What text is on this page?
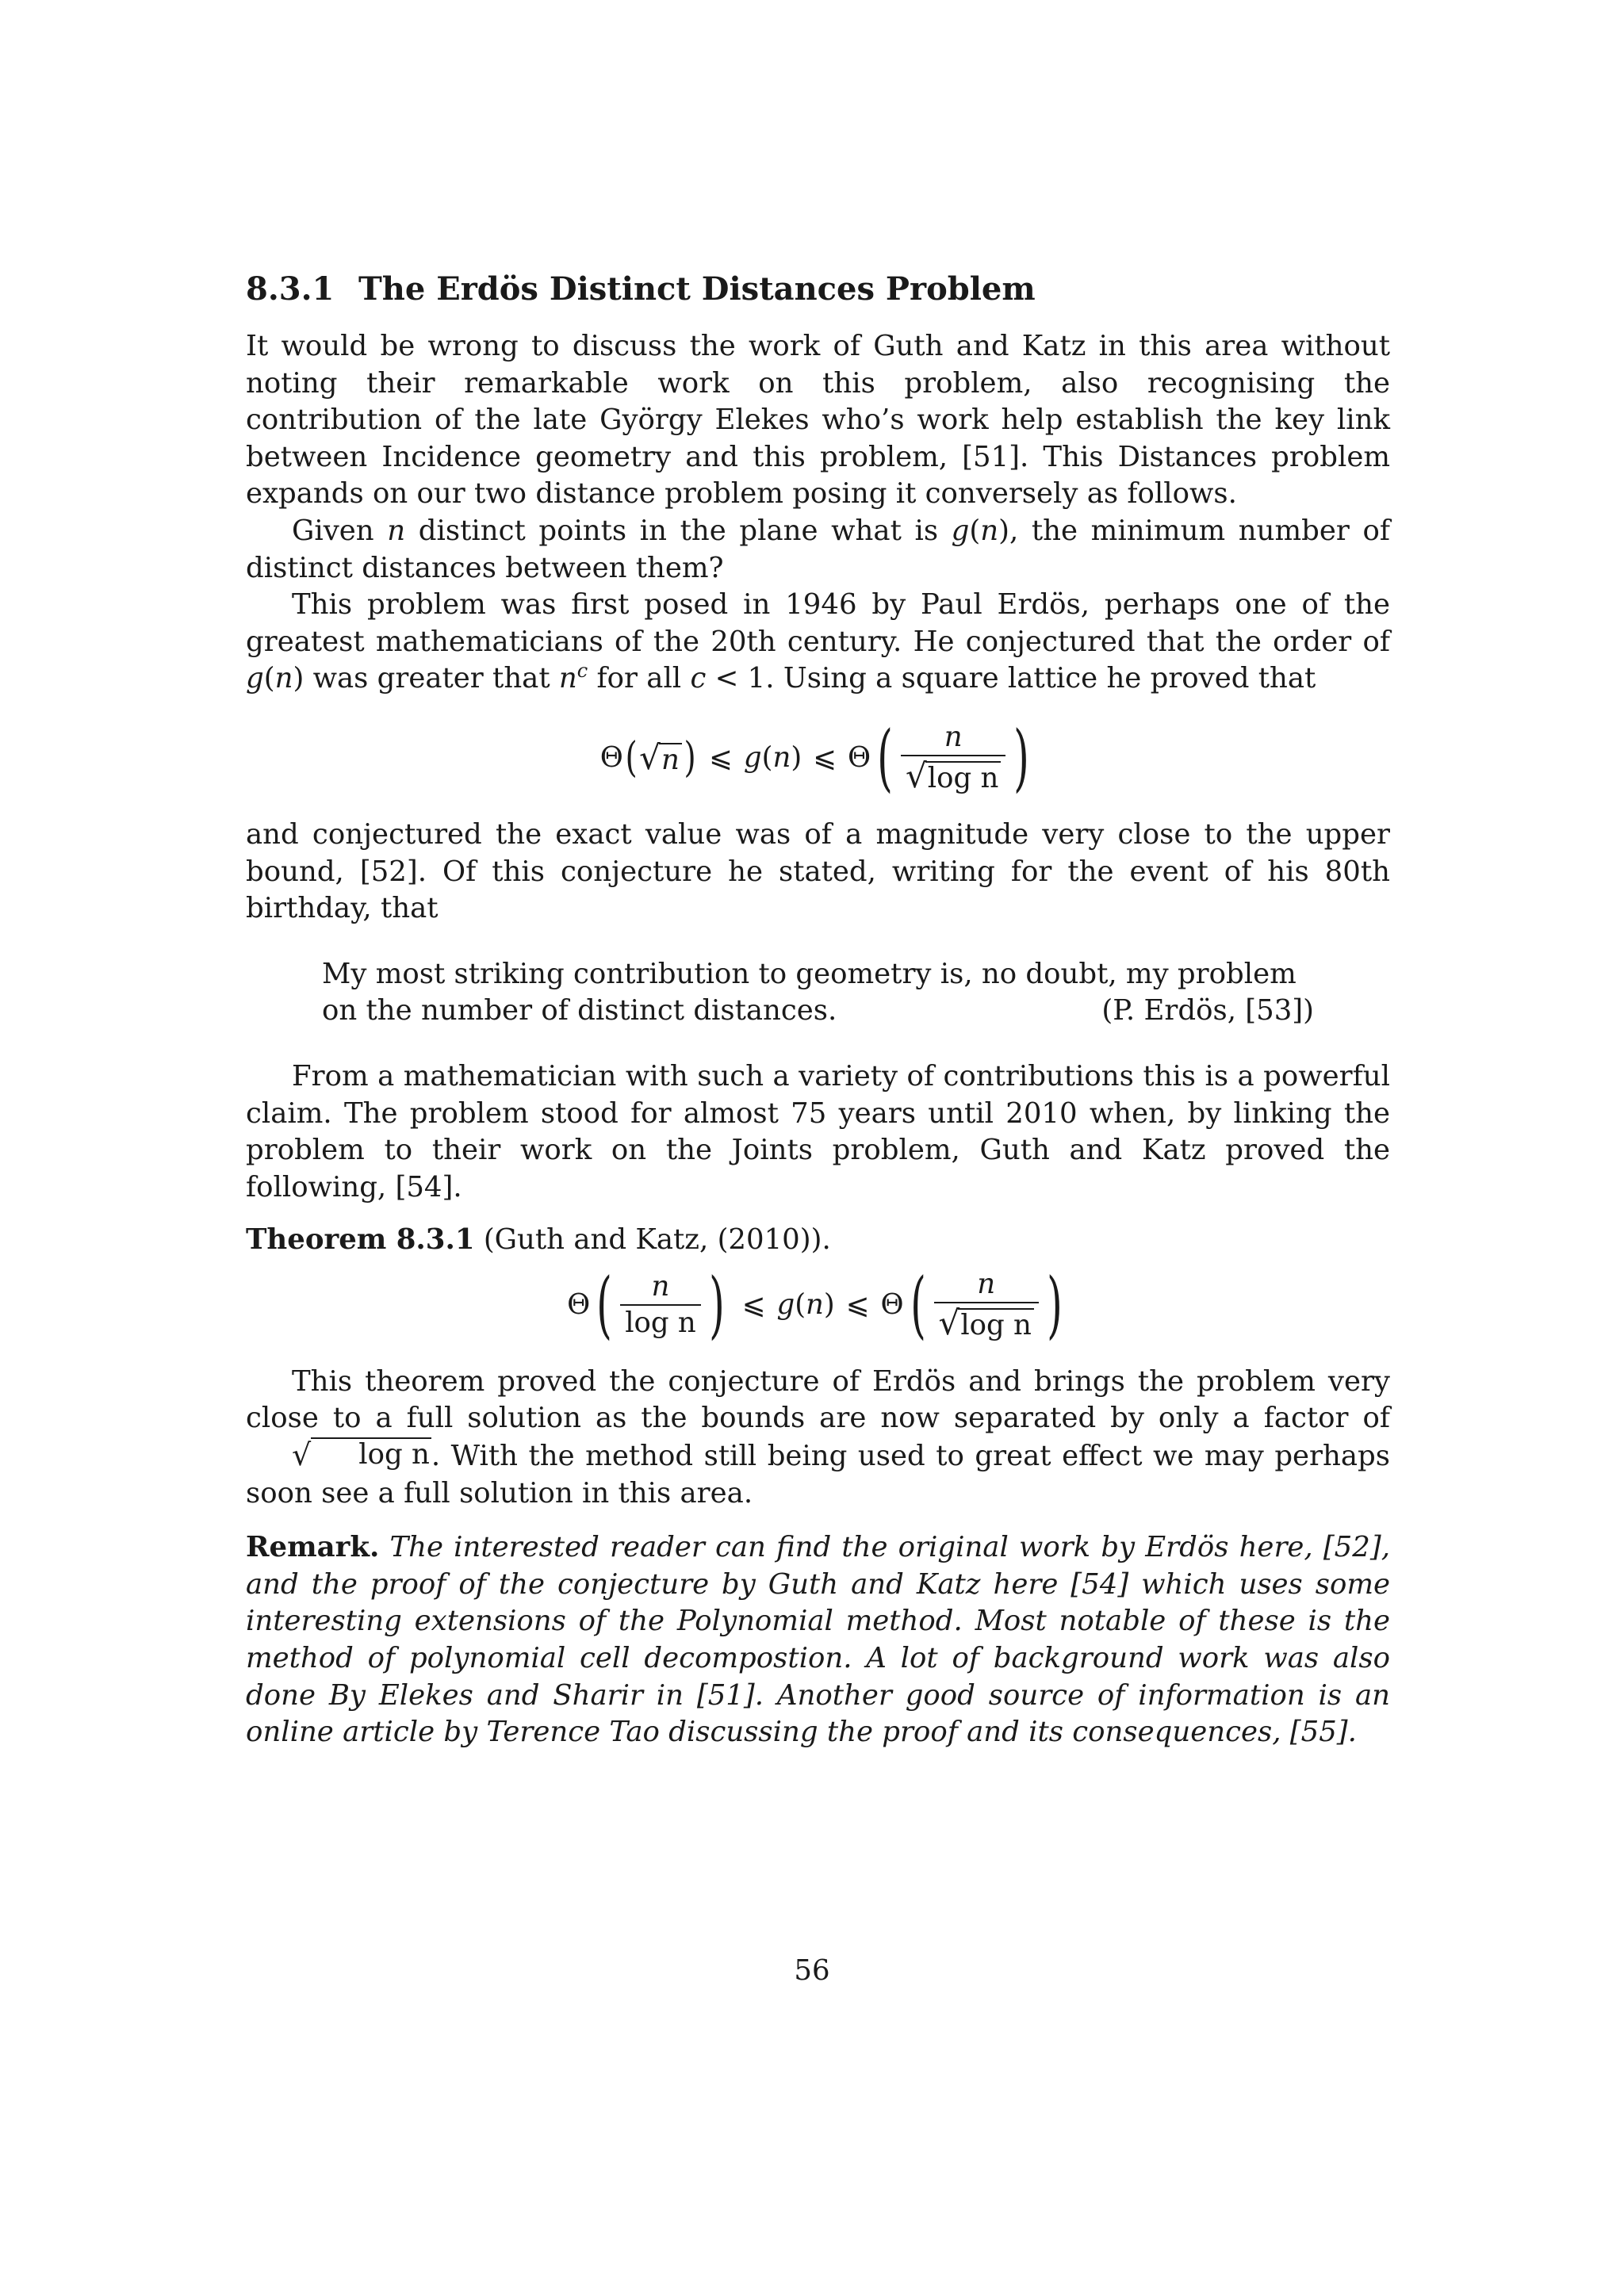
8.3.1 The Erdös Distinct Distances Problem

It would be wrong to discuss the work of Guth and Katz in this area without noting their remarkable work on this problem, also recognising the contribution of the late György Elekes who’s work help establish the key link between Incidence geometry and this problem, [51]. This Distances problem expands on our two distance problem posing it conversely as follows.

Given n distinct points in the plane what is g(n), the minimum number of distinct distances between them?

This problem was first posed in 1946 by Paul Erdös, perhaps one of the greatest mathematicians of the 20th century. He conjectured that the order of g(n) was greater that $n^c$ for all c < 1. Using a square lattice he proved that

Θ ( √ n ) ⩽ g ( n ) ⩽ Θ ( $\frac{n}{\text{√ log n}}$ )

and conjectured the exact value was of a magnitude very close to the upper bound, [52]. Of this conjecture he stated, writing for the event of his 80th birthday, that

My most striking contribution to geometry is, no doubt, my problem on the number of distinct distances.	(P. Erdös, [53])

From a mathematician with such a variety of contributions this is a powerful claim. The problem stood for almost 75 years until 2010 when, by linking the problem to their work on the Joints problem, Guth and Katz proved the following, [54].

Theorem 8.3.1 (Guth and Katz, (2010)).
Θ ( $\frac{n}{\text{log n}}$ ) ⩽ g ( n ) ⩽ Θ ( $\frac{n}{\text{√ log n}}$ )

This theorem proved the conjecture of Erdös and brings the problem very close to a full solution as the bounds are now separated by only a factor of
√	log n . With the method still being used to great effect we may perhaps soon see a full solution in this area.

Remark. The interested reader can find the original work by Erdös here, [52], and the proof of the conjecture by Guth and Katz here [54] which uses some interesting extensions of the Polynomial method. Most notable of these is the method of polynomial cell decompostion. A lot of background work was also done By Elekes and Sharir in [51]. Another good source of information is an online article by Terence Tao discussing the proof and its consequences, [55].

56
